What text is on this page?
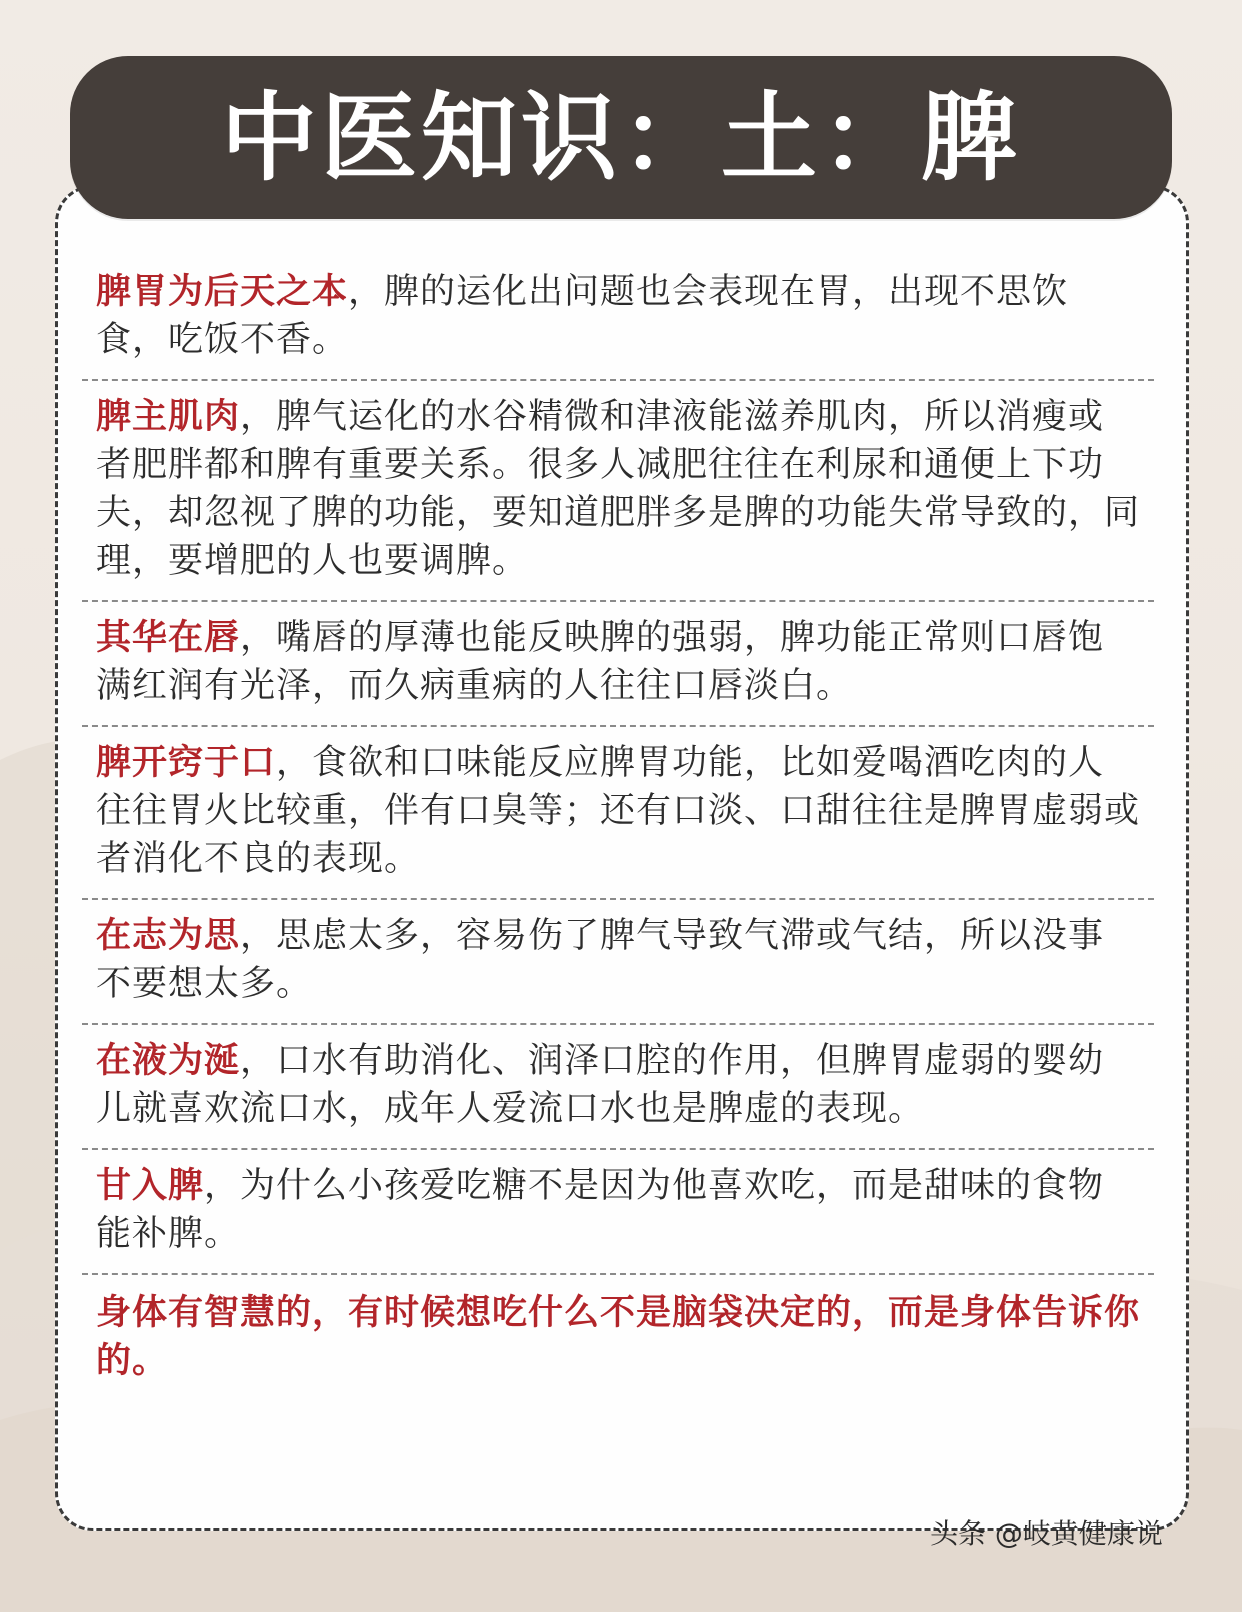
中医知识：土：脾
脾胃为后天之本，脾的运化出问题也会表现在胃，出现不思饮食，吃饭不香。
脾主肌肉，脾气运化的水谷精微和津液能滋养肌肉，所以消瘦或者肥胖都和脾有重要关系。很多人减肥往往在利尿和通便上下功夫，却忽视了脾的功能，要知道肥胖多是脾的功能失常导致的，同理，要增肥的人也要调脾。
其华在唇，嘴唇的厚薄也能反映脾的强弱，脾功能正常则口唇饱满红润有光泽，而久病重病的人往往口唇淡白。
脾开窍于口，食欲和口味能反应脾胃功能，比如爱喝酒吃肉的人往往胃火比较重，伴有口臭等；还有口淡、口甜往往是脾胃虚弱或者消化不良的表现。
在志为思，思虑太多，容易伤了脾气导致气滞或气结，所以没事不要想太多。
在液为涎，口水有助消化、润泽口腔的作用，但脾胃虚弱的婴幼儿就喜欢流口水，成年人爱流口水也是脾虚的表现。
甘入脾，为什么小孩爱吃糖不是因为他喜欢吃，而是甜味的食物能补脾。
身体有智慧的，有时候想吃什么不是脑袋决定的，而是身体告诉你的。
头条 @岐黄健康说
